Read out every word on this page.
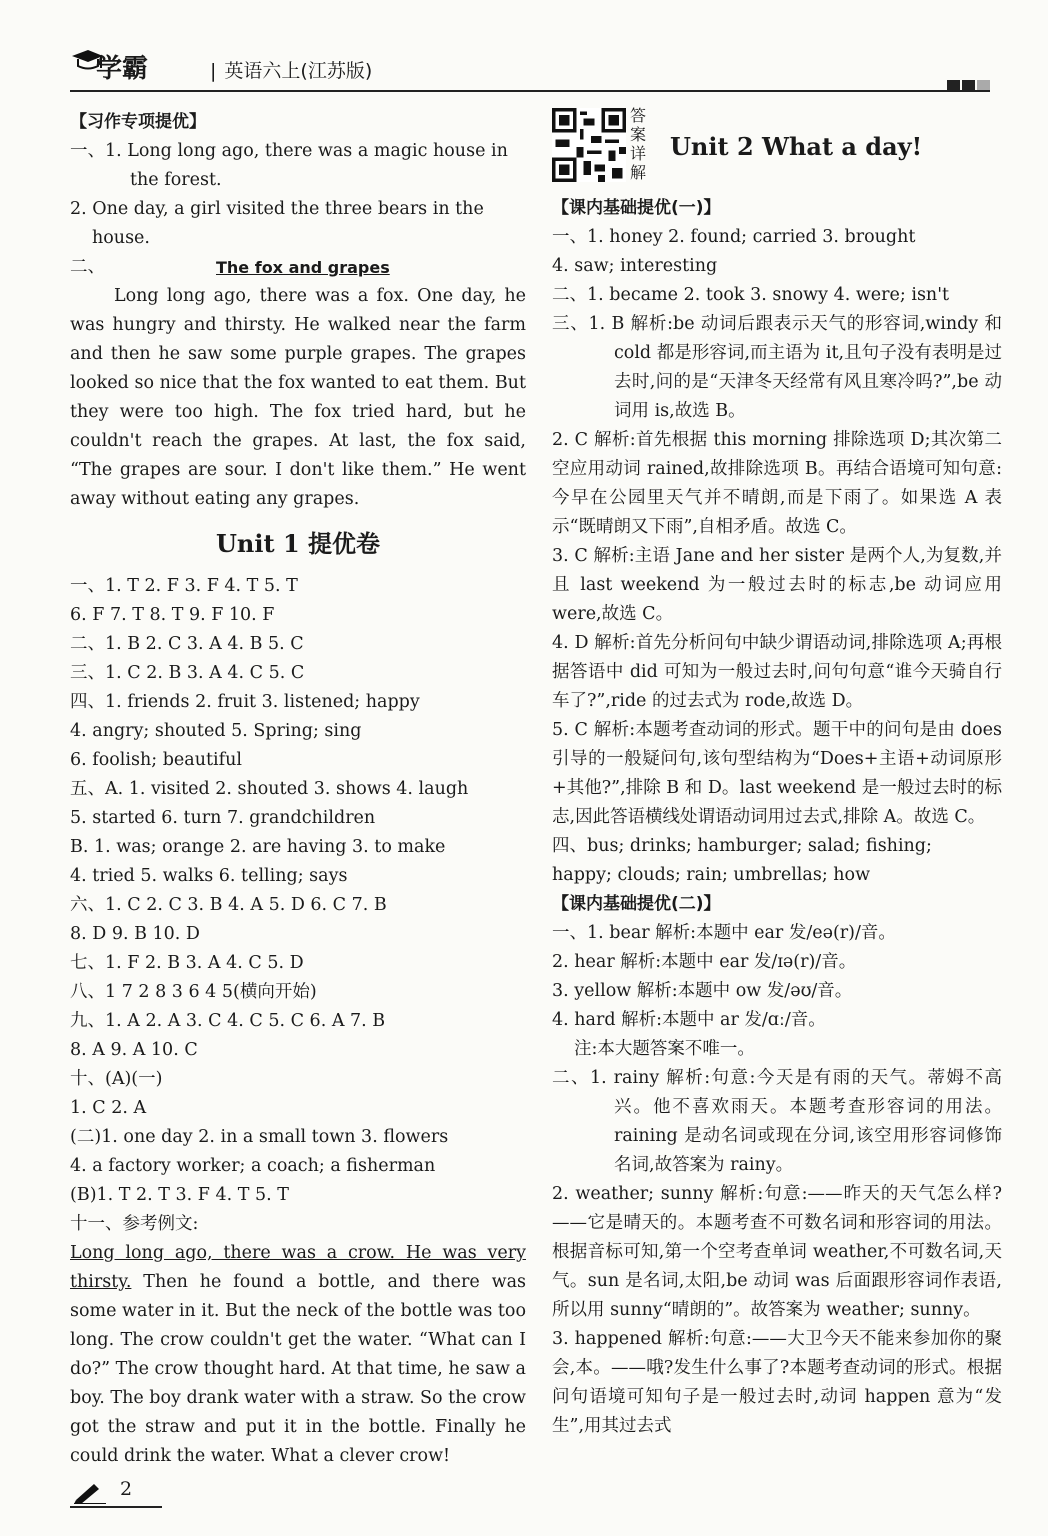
学霸	| 英语六上(江苏版)
【习作专项提优】
一、1. Long long ago, there was a magic house in
the forest.
2. One day, a girl visited the three bears in the
house.
二、	The fox and grapes
Long long ago, there was a fox. One day, he was hungry and thirsty. He walked near the farm and then he saw some purple grapes. The grapes looked so nice that the fox wanted to eat them. But they were too high. The fox tried hard, but he couldn't reach the grapes. At last, the fox said, “The grapes are sour. I don't like them.” He went away without eating any grapes.
Unit 1 提优卷
一、1. T 2. F 3. F 4. T 5. T
6. F 7. T 8. T 9. F 10. F
二、1. B 2. C 3. A 4. B 5. C
三、1. C 2. B 3. A 4. C 5. C
四、1. friends 2. fruit 3. listened; happy
4. angry; shouted 5. Spring; sing
6. foolish; beautiful
五、A. 1. visited 2. shouted 3. shows 4. laugh
5. started 6. turn 7. grandchildren
B. 1. was; orange 2. are having 3. to make
4. tried 5. walks 6. telling; says
六、1. C 2. C 3. B 4. A 5. D 6. C 7. B
8. D 9. B 10. D
七、1. F 2. B 3. A 4. C 5. D
八、1 7 2 8 3 6 4 5(横向开始)
九、1. A 2. A 3. C 4. C 5. C 6. A 7. B
8. A 9. A 10. C
十、(A)(一)
1. C 2. A
(二)1. one day 2. in a small town 3. flowers
4. a factory worker; a coach; a fisherman
(B)1. T 2. T 3. F 4. T 5. T
十一、参考例文:
Long long ago, there was a crow. He was very thirsty. Then he found a bottle, and there was some water in it. But the neck of the bottle was too long. The crow couldn't get the water. “What can I do?” The crow thought hard. At that time, he saw a boy. The boy drank water with a straw. So the crow got the straw and put it in the bottle. Finally he could drink the water. What a clever crow!
答
案
详
解
Unit 2 What a day!
【课内基础提优(一)】
一、1. honey 2. found; carried 3. brought
4. saw; interesting
二、1. became 2. took 3. snowy 4. were; isn't
三、1. B 解析:be 动词后跟表示天气的形容词,windy 和 cold 都是形容词,而主语为 it,且句子没有表明是过去时,问的是“天津冬天经常有风且寒冷吗?”,be 动词用 is,故选 B。
2. C 解析:首先根据 this morning 排除选项 D;其次第二空应用动词 rained,故排除选项 B。再结合语境可知句意:今早在公园里天气并不晴朗,而是下雨了。如果选 A 表示“既晴朗又下雨”,自相矛盾。故选 C。
3. C 解析:主语 Jane and her sister 是两个人,为复数,并且 last weekend 为一般过去时的标志,be 动词应用 were,故选 C。
4. D 解析:首先分析问句中缺少谓语动词,排除选项 A;再根据答语中 did 可知为一般过去时,问句句意“谁今天骑自行车了?”,ride 的过去式为 rode,故选 D。
5. C 解析:本题考查动词的形式。题干中的问句是由 does 引导的一般疑问句,该句型结构为“Does+主语+动词原形+其他?”,排除 B 和 D。last weekend 是一般过去时的标志,因此答语横线处谓语动词用过去式,排除 A。故选 C。
四、bus; drinks; hamburger; salad; fishing;
happy; clouds; rain; umbrellas; how
【课内基础提优(二)】
一、1. bear 解析:本题中 ear 发/eə(r)/音。
2. hear 解析:本题中 ear 发/ɪə(r)/音。
3. yellow 解析:本题中 ow 发/əʊ/音。
4. hard 解析:本题中 ar 发/ɑː/音。
注:本大题答案不唯一。
二、1. rainy 解析:句意:今天是有雨的天气。蒂姆不高兴。他不喜欢雨天。本题考查形容词的用法。raining 是动名词或现在分词,该空用形容词修饰名词,故答案为 rainy。
2. weather; sunny 解析:句意:——昨天的天气怎么样?——它是晴天的。本题考查不可数名词和形容词的用法。根据音标可知,第一个空考查单词 weather,不可数名词,天气。sun 是名词,太阳,be 动词 was 后面跟形容词作表语,所以用 sunny“晴朗的”。故答案为 weather; sunny。
3. happened 解析:句意:——大卫今天不能来参加你的聚会,本。——哦?发生什么事了?本题考查动词的形式。根据问句语境可知句子是一般过去时,动词 happen 意为“发生”,用其过去式
2
